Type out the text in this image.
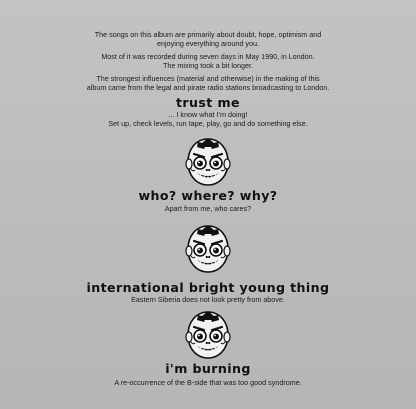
The songs on this album are primarily about doubt, hope, optimism and

enjoying everything around you.

Most of it was recorded during seven days in May 1990, in London.

The mixing took a bit longer.

The strongest influences (material and otherwise) in the making of this

album came from the legal and pirate radio stations broadcasting to London.

trust me
... I know what I’m doing!
Set up, check levels, run tape, play, go and do something else.
who? where? why?
Apart from me, who cares?
international bright young thing
Eastern Siberia does not look pretty from above.
i'm burning
A re-occurrence of the B-side that was too good syndrome.
